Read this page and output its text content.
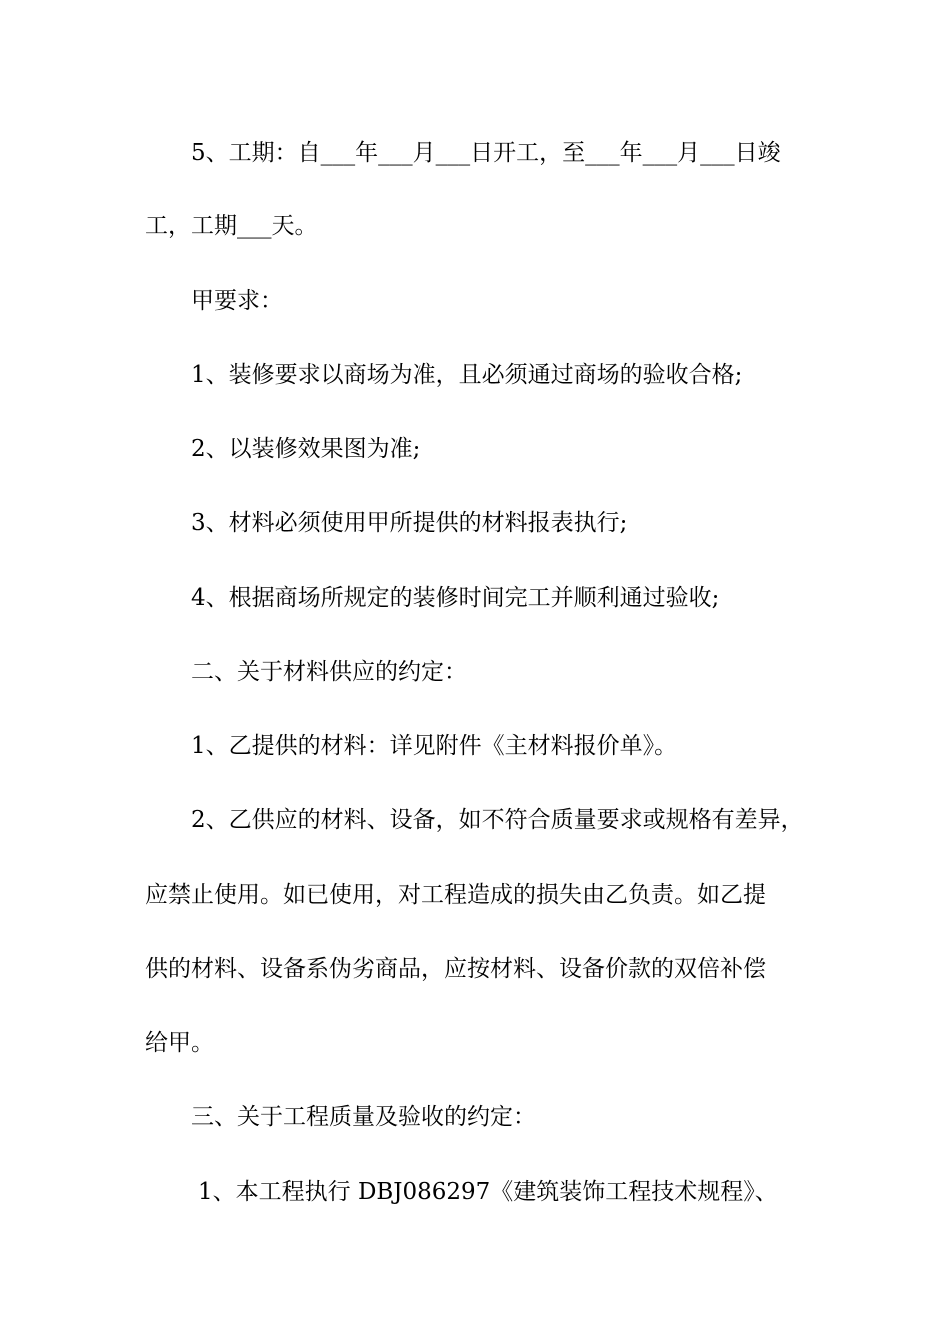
5、工期：自___年___月___日开工，至___年___月___日竣
工，工期___天。
甲要求：
1、装修要求以商场为准，且必须通过商场的验收合格;
2、以装修效果图为准;
3、材料必须使用甲所提供的材料报表执行;
4、根据商场所规定的装修时间完工并顺利通过验收;
二、关于材料供应的约定：
1、乙提供的材料：详见附件《主材料报价单》。
2、乙供应的材料、设备，如不符合质量要求或规格有差异，
应禁止使用。如已使用，对工程造成的损失由乙负责。如乙提
供的材料、设备系伪劣商品，应按材料、设备价款的双倍补偿
给甲。
三、关于工程质量及验收的约定：
1、本工程执行 DBJ086297《建筑装饰工程技术规程》、
